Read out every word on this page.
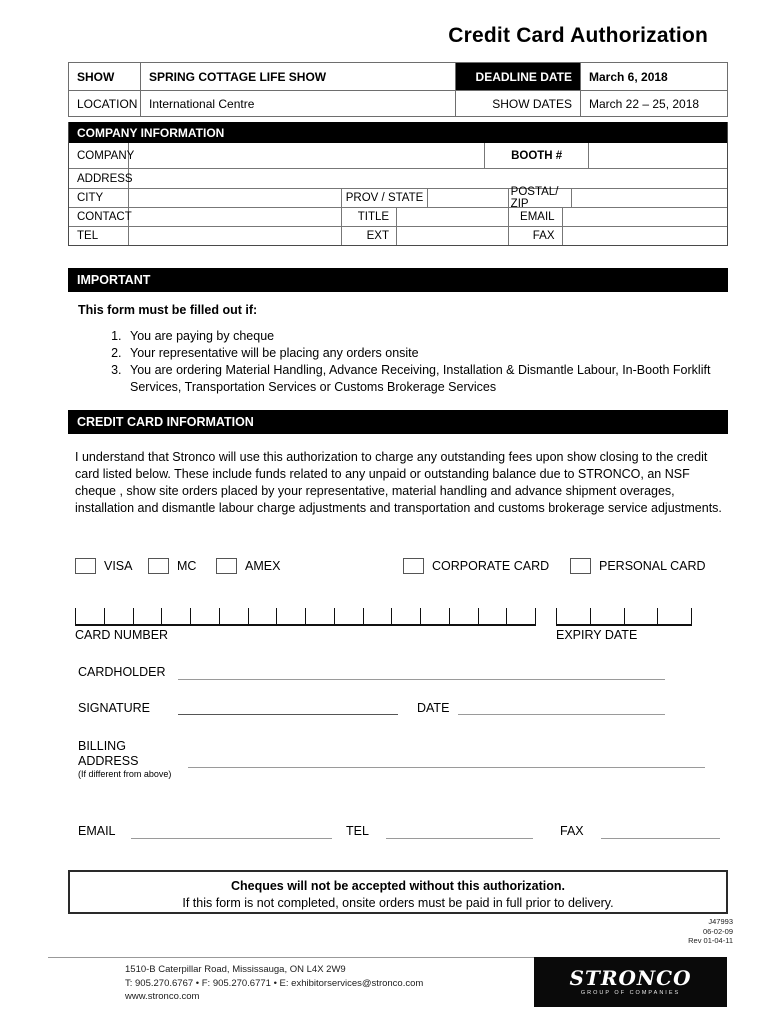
Credit Card Authorization
SHOW	SPRING COTTAGE LIFE SHOW	DEADLINE DATE	March 6, 2018
LOCATION International Centre	SHOW DATES	March 22 – 25, 2018
COMPANY INFORMATION
COMPANY	BOOTH #
ADDRESS
CITY	PROV / STATE	POSTAL/ ZIP
CONTACT	TITLE	EMAIL
TEL	EXT	FAX
IMPORTANT
This form must be filled out if:
1. You are paying by cheque
2. Your representative will be placing any orders onsite
3. You are ordering Material Handling, Advance Receiving, Installation & Dismantle Labour, In-Booth Forklift Services, Transportation Services or Customs Brokerage Services
CREDIT CARD INFORMATION
I understand that Stronco will use this authorization to charge any outstanding fees upon show closing to the credit card listed below. These include funds related to any unpaid or outstanding balance due to STRONCO, an NSF cheque , show site orders placed by your representative, material handling and advance shipment overages, installation and dismantle labour charge adjustments and transportation and customs brokerage service adjustments.
VISA	MC	AMEX	CORPORATE CARD	PERSONAL CARD
CARD NUMBER	EXPIRY DATE
CARDHOLDER
SIGNATURE	DATE
BILLING
ADDRESS
(If different from above)
EMAIL	TEL	FAX
Cheques will not be accepted without this authorization.
If this form is not completed, onsite orders must be paid in full prior to delivery.
J47993
06-02-09
Rev 01-04-11
1510-B Caterpillar Road, Mississauga, ON L4X 2W9
T: 905.270.6767 • F: 905.270.6771 • E: exhibitorservices@stronco.com
www.stronco.com
STRONCO
GROUP OF COMPANIES
